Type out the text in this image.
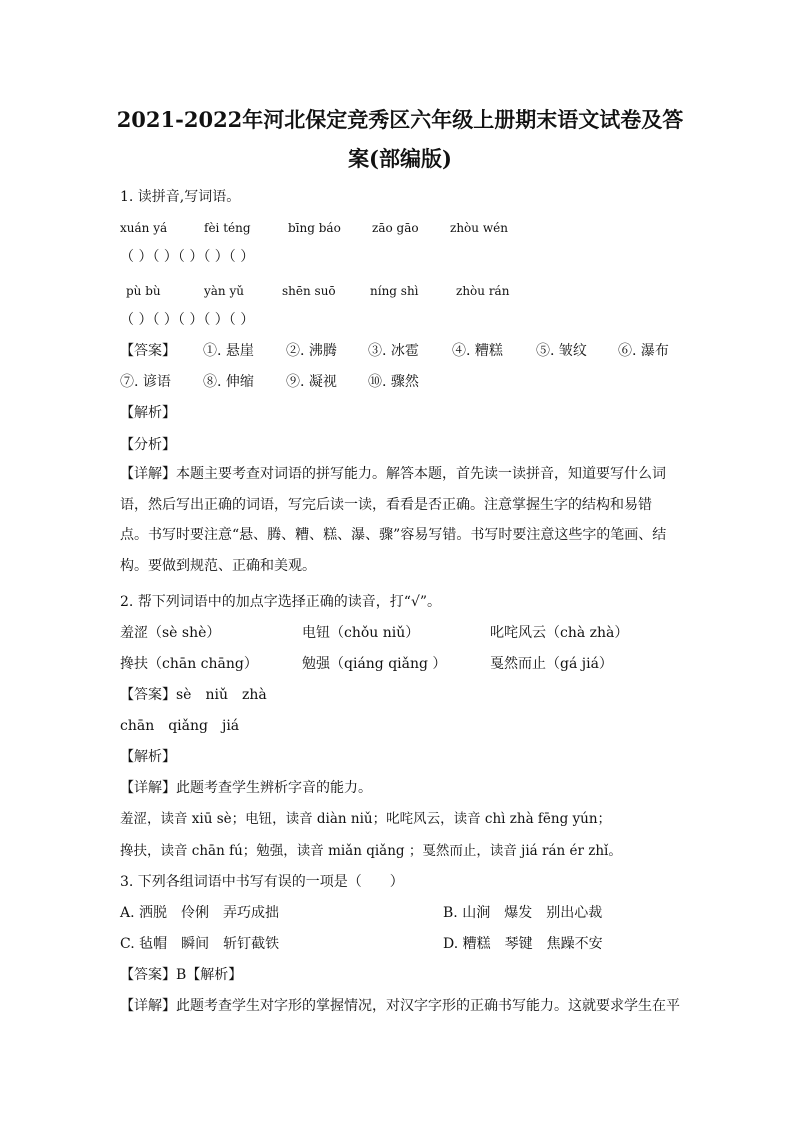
2021-2022年河北保定竞秀区六年级上册期末语文试卷及答
案(部编版)
1. 读拼音,写词语。
xuán yá	fèi téng	bīng báo	zāo gāo	zhòu wén
（ ）（ ）（ ）（ ）（ ）
pù bù	yàn yǔ	shēn suō	níng shì	zhòu rán
（ ）（ ）（ ）（ ）（ ）
【答案】 ①. 悬崖 ②. 沸腾 ③. 冰雹 ④. 糟糕 ⑤. 皱纹 ⑥. 瀑布
⑦. 谚语 ⑧. 伸缩 ⑨. 凝视 ⑩. 骤然
【解析】
【分析】
【详解】本题主要考查对词语的拼写能力。解答本题，首先读一读拼音，知道要写什么词语，然后写出正确的词语，写完后读一读，看看是否正确。注意掌握生字的结构和易错点。书写时要注意“悬、腾、糟、糕、瀑、骤”容易写错。书写时要注意这些字的笔画、结构。要做到规范、正确和美观。
2. 帮下列词语中的加点字选择正确的读音，打“√”。
羞涩（sè shè）	电钮（chǒu niǔ）	叱咤风云（chà zhà）
搀扶（chān chāng）	勉强（qiáng qiǎng ）	戛然而止（gá jiá）
【答案】sè　niǔ　zhà
chān　qiǎng　jiá
【解析】
【详解】此题考查学生辨析字音的能力。
羞涩，读音 xiū sè；电钮，读音 diàn niǔ；叱咤风云，读音 chì zhà fēng yún；
搀扶，读音 chān fú；勉强，读音 miǎn qiǎng ；戛然而止，读音 jiá rán ér zhǐ。
3. 下列各组词语中书写有误的一项是（　　）
A. 洒脱　伶俐　弄巧成拙	B. 山涧　爆发　别出心裁
C. 毡帽　瞬间　斩钉截铁	D. 糟糕　琴键　焦躁不安
【答案】B【解析】
【详解】此题考查学生对字形的掌握情况，对汉字字形的正确书写能力。这就要求学生在平
